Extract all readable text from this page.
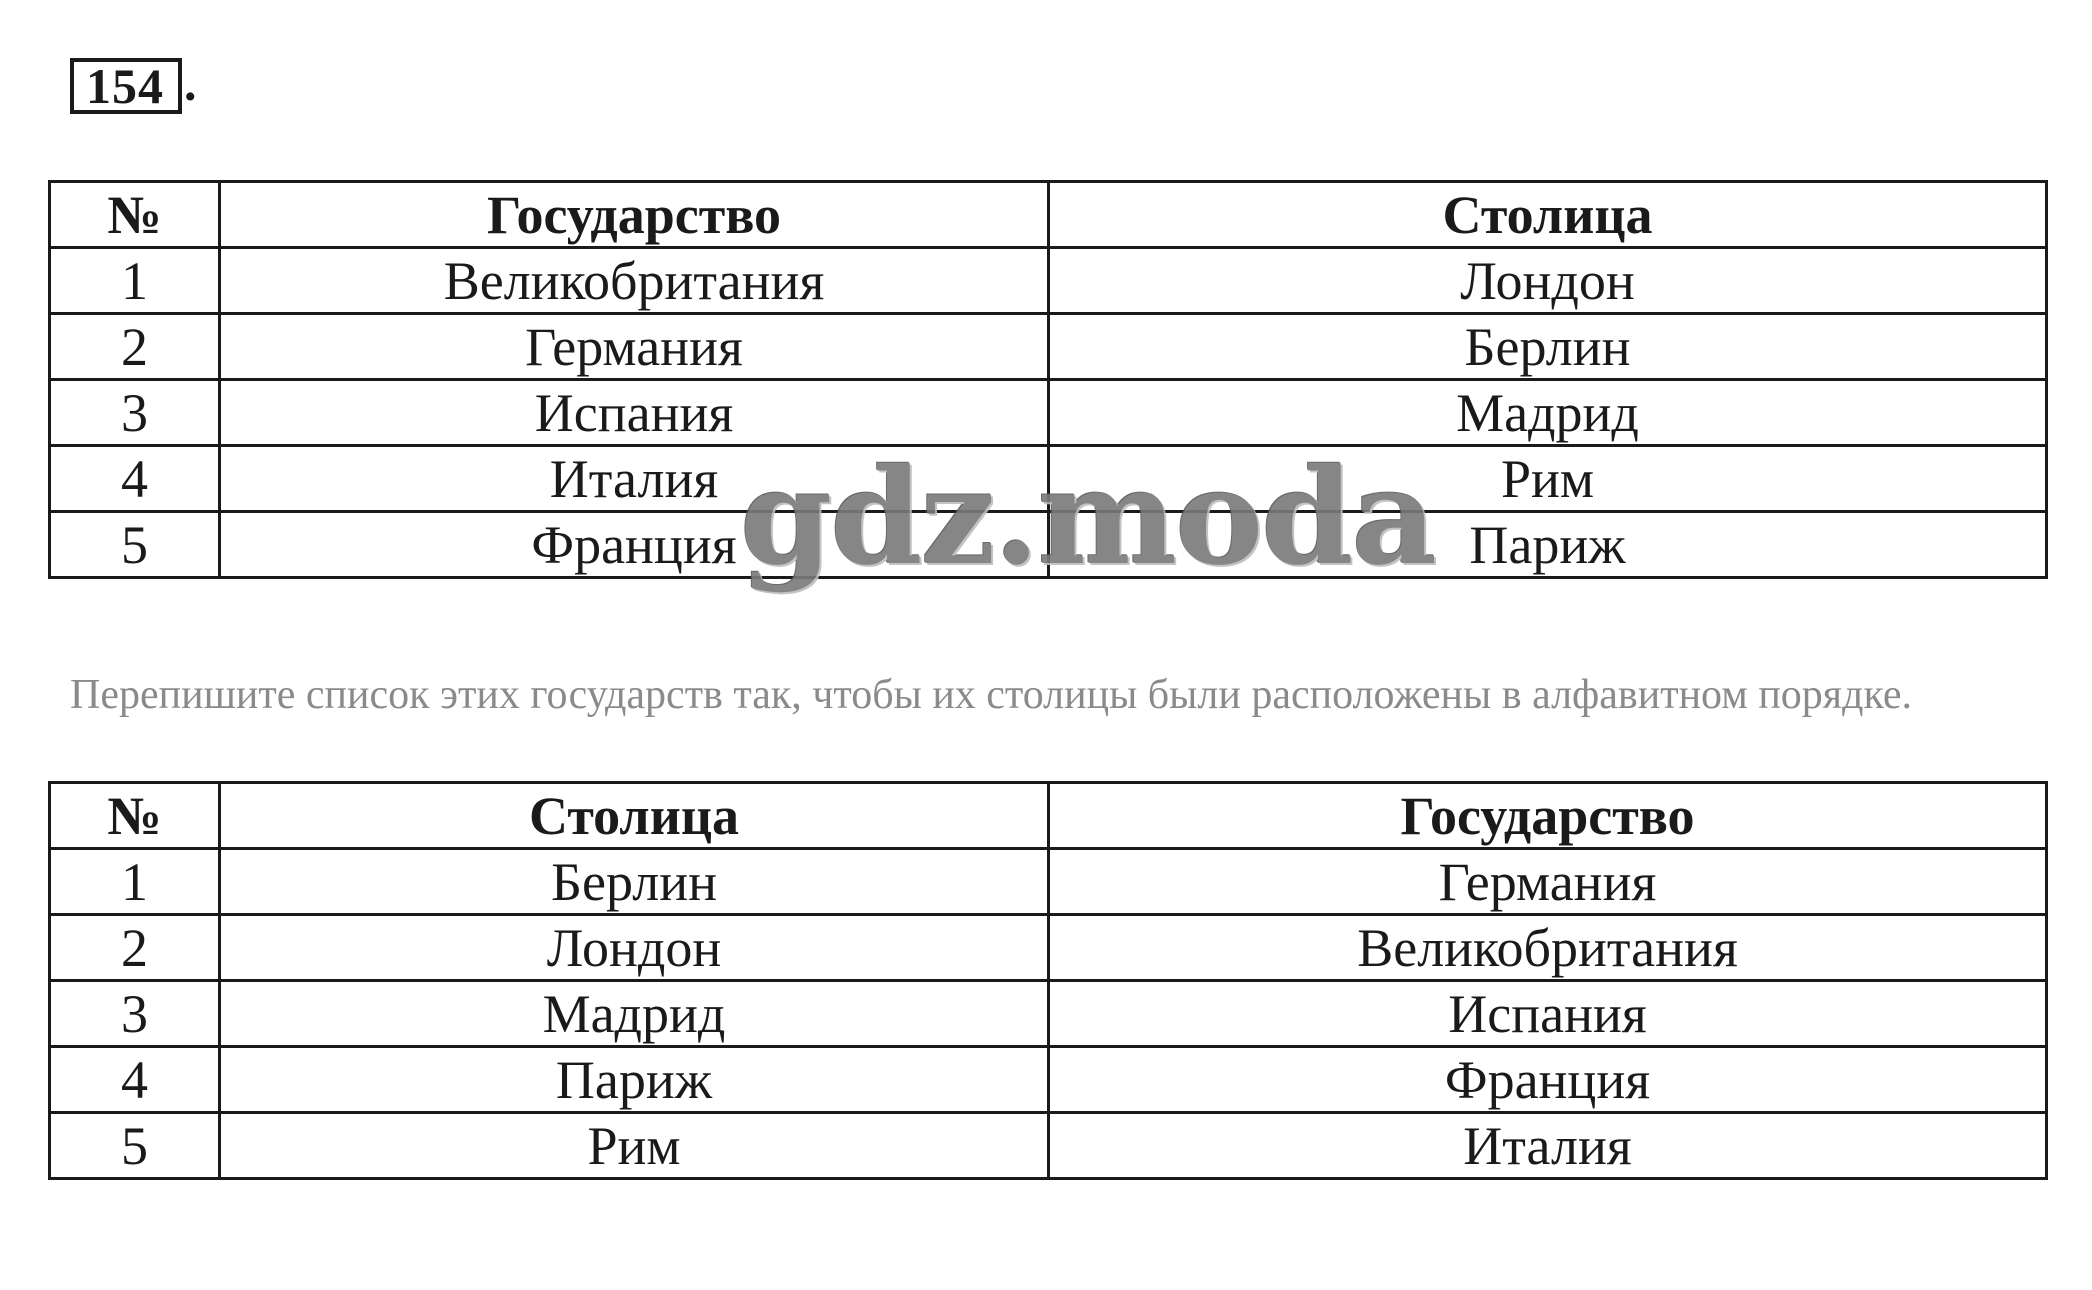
154 .
№	Государство	Столица
1	Великобритания	Лондон
2	Германия	Берлин
3	Испания	Мадрид
4	Италия	Рим
5	Франция	Париж
Перепишите список этих государств так, чтобы их столицы были расположены в алфавитном порядке.
№	Столица	Государство
1	Берлин	Германия
2	Лондон	Великобритания
3	Мадрид	Испания
4	Париж	Франция
5	Рим	Италия
gdz.moda
